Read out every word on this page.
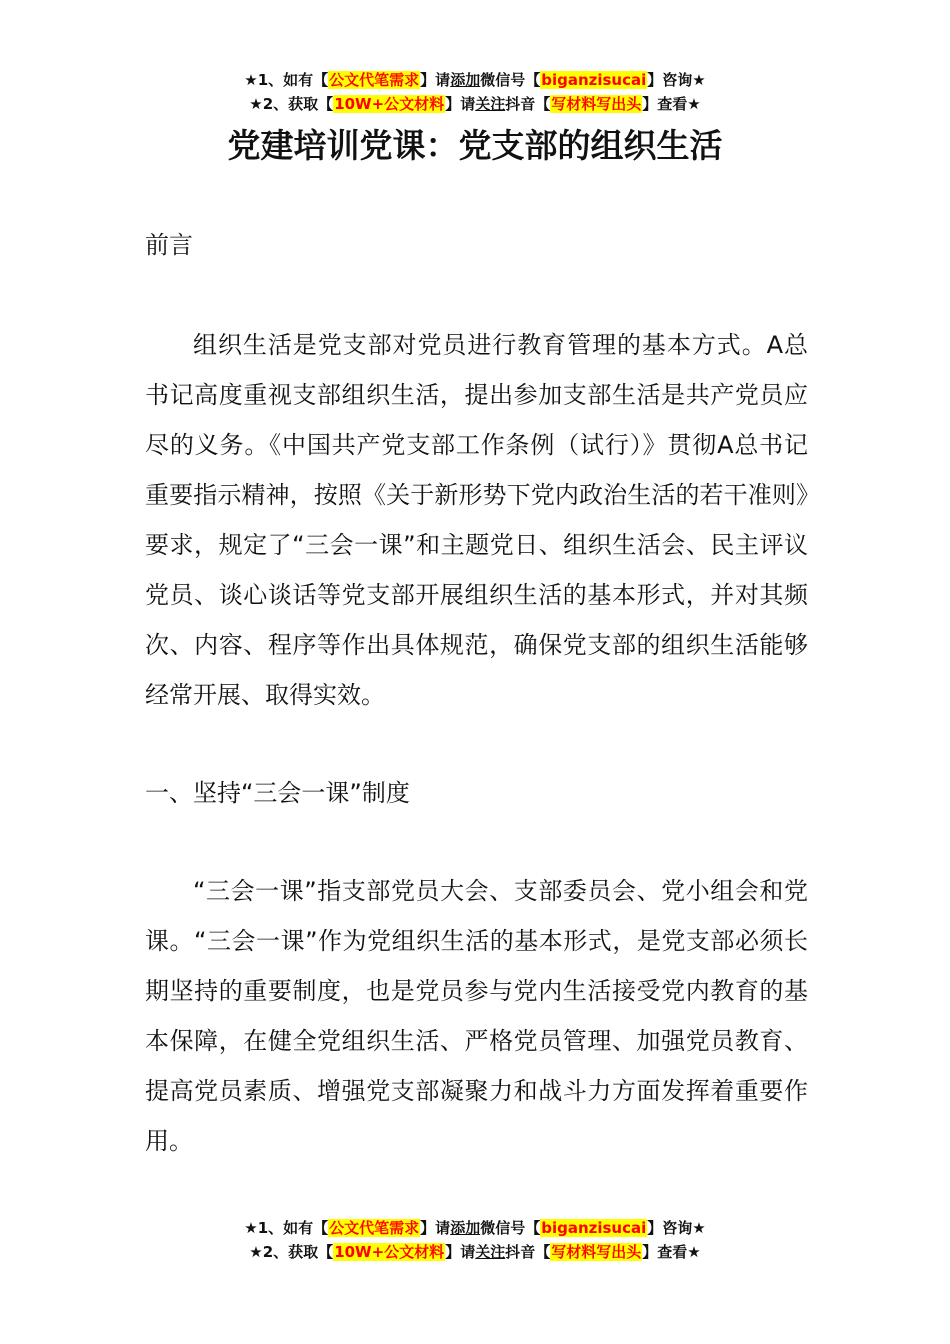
★1、如有【公文代笔需求】请添加微信号【biganzisucai】咨询★
★2、获取【10W+公文材料】请关注抖音【写材料写出头】查看★
党建培训党课：党支部的组织生活
前言
组织生活是党支部对党员进行教育管理的基本方式。A总书记高度重视支部组织生活，提出参加支部生活是共产党员应尽的义务。《中国共产党支部工作条例（试行）》贯彻A总书记重要指示精神，按照《关于新形势下党内政治生活的若干准则》要求，规定了“三会一课”和主题党日、组织生活会、民主评议党员、谈心谈话等党支部开展组织生活的基本形式，并对其频次、内容、程序等作出具体规范，确保党支部的组织生活能够经常开展、取得实效。
一、坚持“三会一课”制度
“三会一课”指支部党员大会、支部委员会、党小组会和党课。“三会一课”作为党组织生活的基本形式，是党支部必须长期坚持的重要制度，也是党员参与党内生活接受党内教育的基本保障，在健全党组织生活、严格党员管理、加强党员教育、提高党员素质、增强党支部凝聚力和战斗力方面发挥着重要作用。
★1、如有【公文代笔需求】请添加微信号【biganzisucai】咨询★
★2、获取【10W+公文材料】请关注抖音【写材料写出头】查看★
